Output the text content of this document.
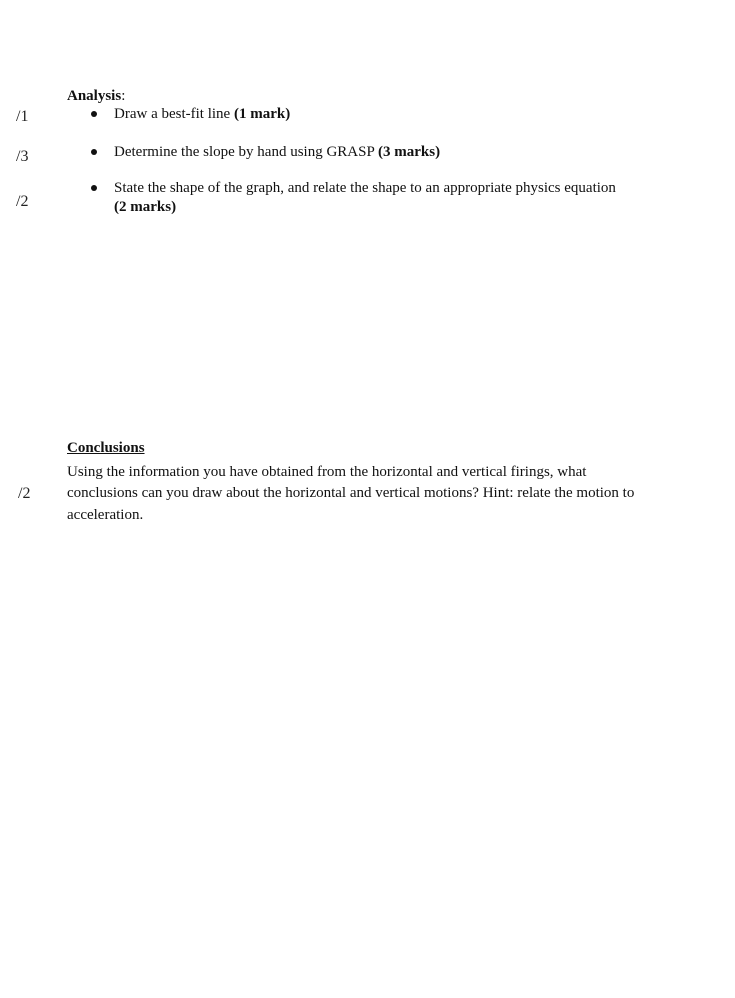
Analysis:
/1	Draw a best-fit line (1 mark)
/3	Determine the slope by hand using GRASP (3 marks)
/2
State the shape of the graph, and relate the shape to an appropriate physics equation
(2 marks)
Conclusions
/2
Using the information you have obtained from the horizontal and vertical firings, what
conclusions can you draw about the horizontal and vertical motions? Hint: relate the motion to
acceleration.
